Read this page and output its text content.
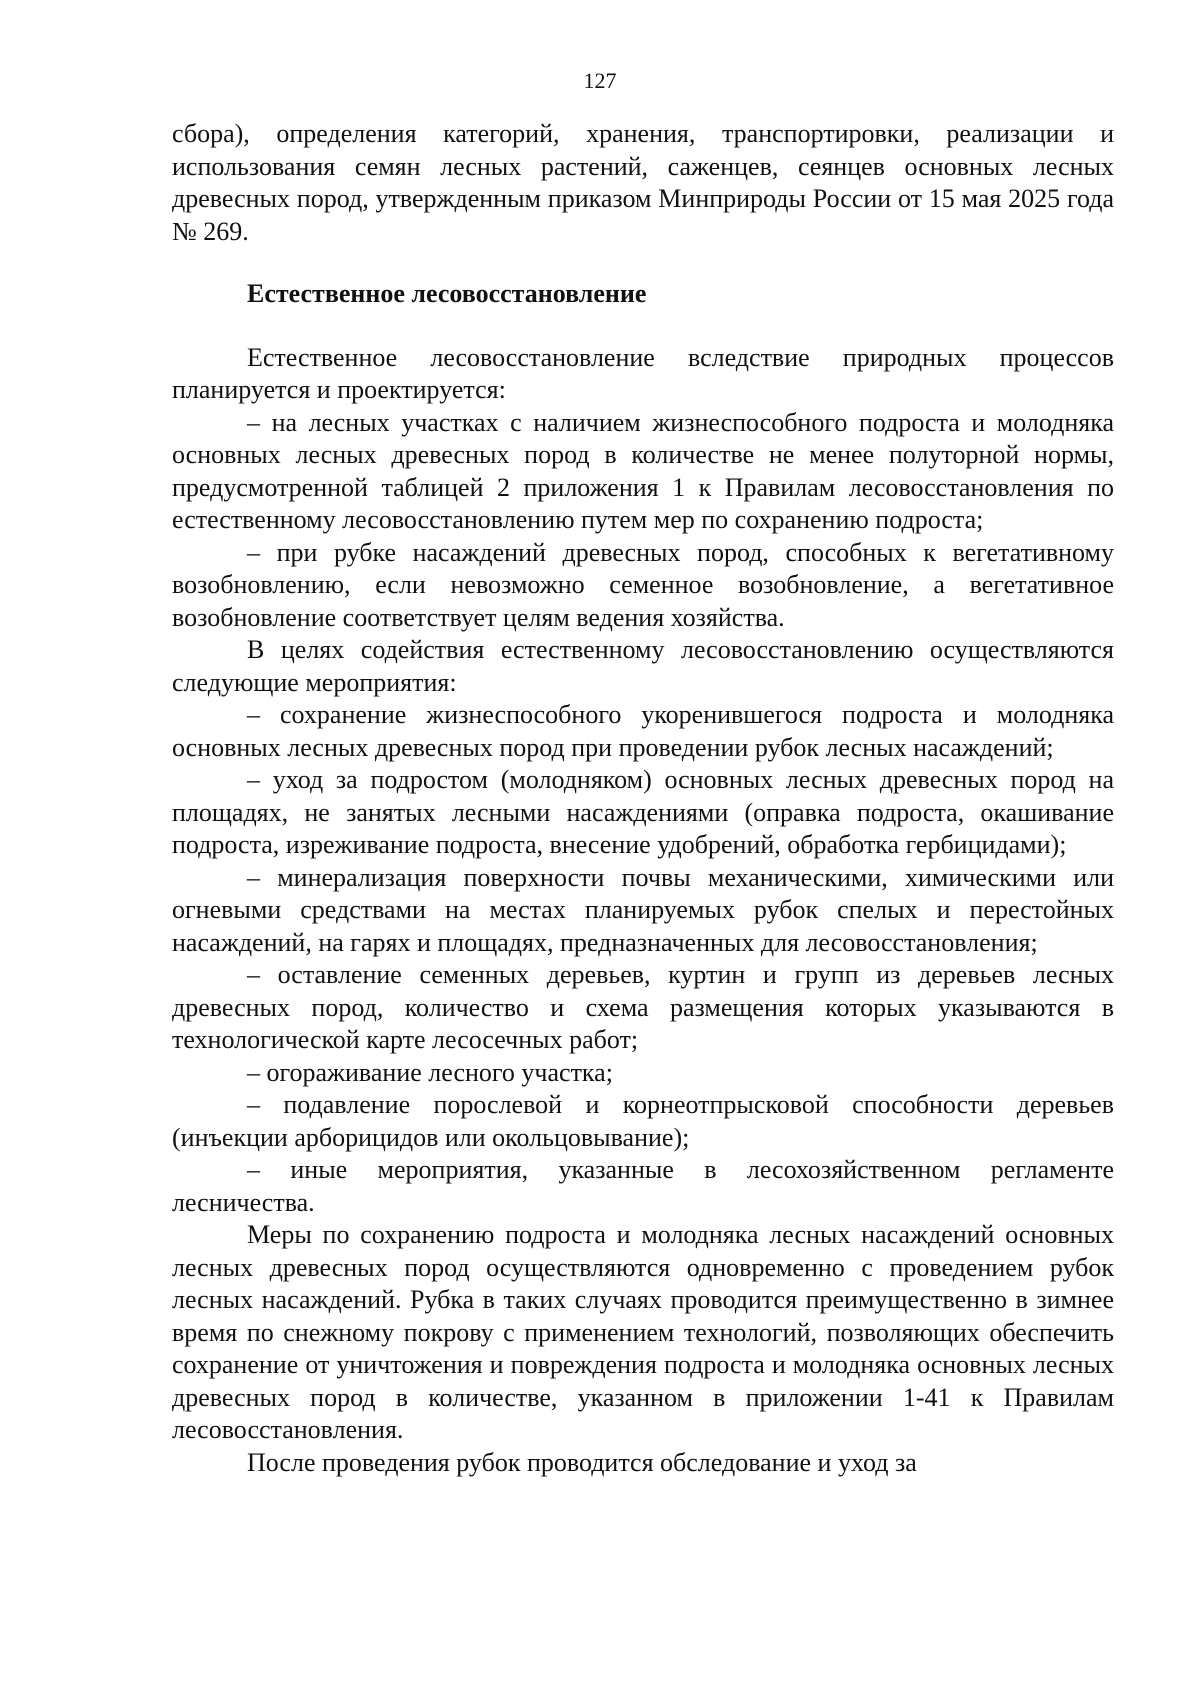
127

сбора), определения категорий, хранения, транспортировки, реализации и использования семян лесных растений, саженцев, сеянцев основных лесных древесных пород, утвержденным приказом Минприроды России от 15 мая 2025 года № 269.

Естественное лесовосстановление

Естественное лесовосстановление вследствие природных процессов планируется и проектируется:

– на лесных участках с наличием жизнеспособного подроста и молодняка основных лесных древесных пород в количестве не менее полуторной нормы, предусмотренной таблицей 2 приложения 1 к Правилам лесовосстановления по естественному лесовосстановлению путем мер по сохранению подроста;

– при рубке насаждений древесных пород, способных к вегетативному возобновлению, если невозможно семенное возобновление, а вегетативное возобновление соответствует целям ведения хозяйства.

В целях содействия естественному лесовосстановлению осуществляются следующие мероприятия:

– сохранение жизнеспособного укоренившегося подроста и молодняка основных лесных древесных пород при проведении рубок лесных насаждений;

– уход за подростом (молодняком) основных лесных древесных пород на площадях, не занятых лесными насаждениями (оправка подроста, окашивание подроста, изреживание подроста, внесение удобрений, обработка гербицидами);

– минерализация поверхности почвы механическими, химическими или огневыми средствами на местах планируемых рубок спелых и перестойных насаждений, на гарях и площадях, предназначенных для лесовосстановления;

– оставление семенных деревьев, куртин и групп из деревьев лесных древесных пород, количество и схема размещения которых указываются в технологической карте лесосечных работ;

– огораживание лесного участка;

– подавление порослевой и корнеотпрысковой способности деревьев (инъекции арборицидов или окольцовывание);

– иные мероприятия, указанные в лесохозяйственном регламенте лесничества.

Меры по сохранению подроста и молодняка лесных насаждений основных лесных древесных пород осуществляются одновременно с проведением рубок лесных насаждений. Рубка в таких случаях проводится преимущественно в зимнее время по снежному покрову с применением технологий, позволяющих обеспечить сохранение от уничтожения и повреждения подроста и молодняка основных лесных древесных пород в количестве, указанном в приложении 1-41 к Правилам лесовосстановления.

После проведения рубок проводится обследование и уход за
